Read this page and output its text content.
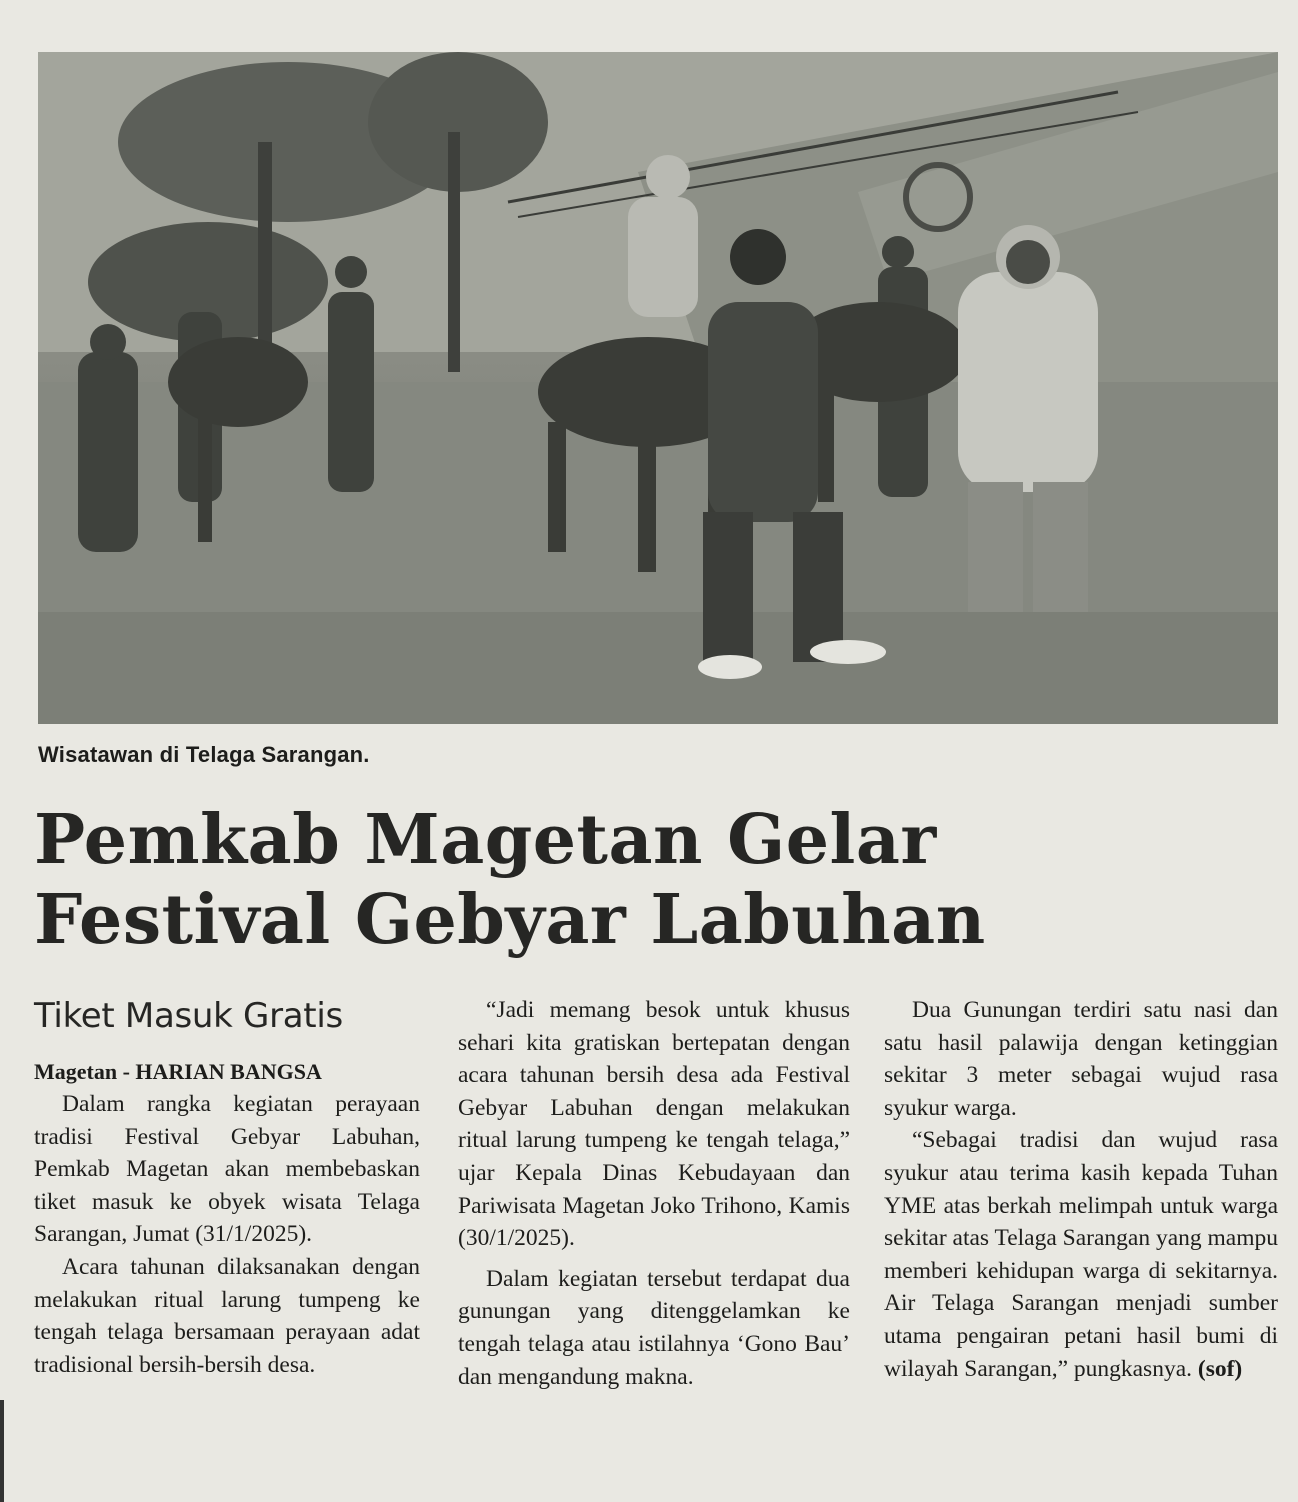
Wisatawan di Telaga Sarangan.
Pemkab Magetan Gelar
Festival Gebyar Labuhan
Tiket Masuk Gratis
Magetan - HARIAN BANGSA

Dalam rangka kegiatan perayaan tradisi Festival Gebyar Labuhan, Pemkab Magetan akan membebaskan tiket masuk ke obyek wisata Telaga Sarangan, Jumat (31/1/2025).

Acara tahunan dilaksanakan dengan melakukan ritual larung tumpeng ke tengah telaga bersamaan perayaan adat tradisional bersih-bersih desa.

“Jadi memang besok untuk khusus sehari kita gratiskan bertepatan dengan acara tahunan bersih desa ada Festival Gebyar Labuhan dengan melakukan ritual larung tumpeng ke tengah telaga,” ujar Kepala Dinas Kebudayaan dan Pariwisata Magetan Joko Trihono, Kamis (30/1/2025).

Dalam kegiatan tersebut terdapat dua gunungan yang ditenggelamkan ke tengah telaga atau istilahnya ‘Gono Bau’ dan mengandung makna.

Dua Gunungan terdiri satu nasi dan satu hasil palawija dengan ketinggian sekitar 3 meter sebagai wujud rasa syukur warga.

“Sebagai tradisi dan wujud rasa syukur atau terima kasih kepada Tuhan YME atas berkah melimpah untuk warga sekitar atas Telaga Sarangan yang mampu memberi kehidupan warga di sekitarnya. Air Telaga Sarangan menjadi sumber utama pengairan petani hasil bumi di wilayah Sarangan,” pungkasnya. (sof)
